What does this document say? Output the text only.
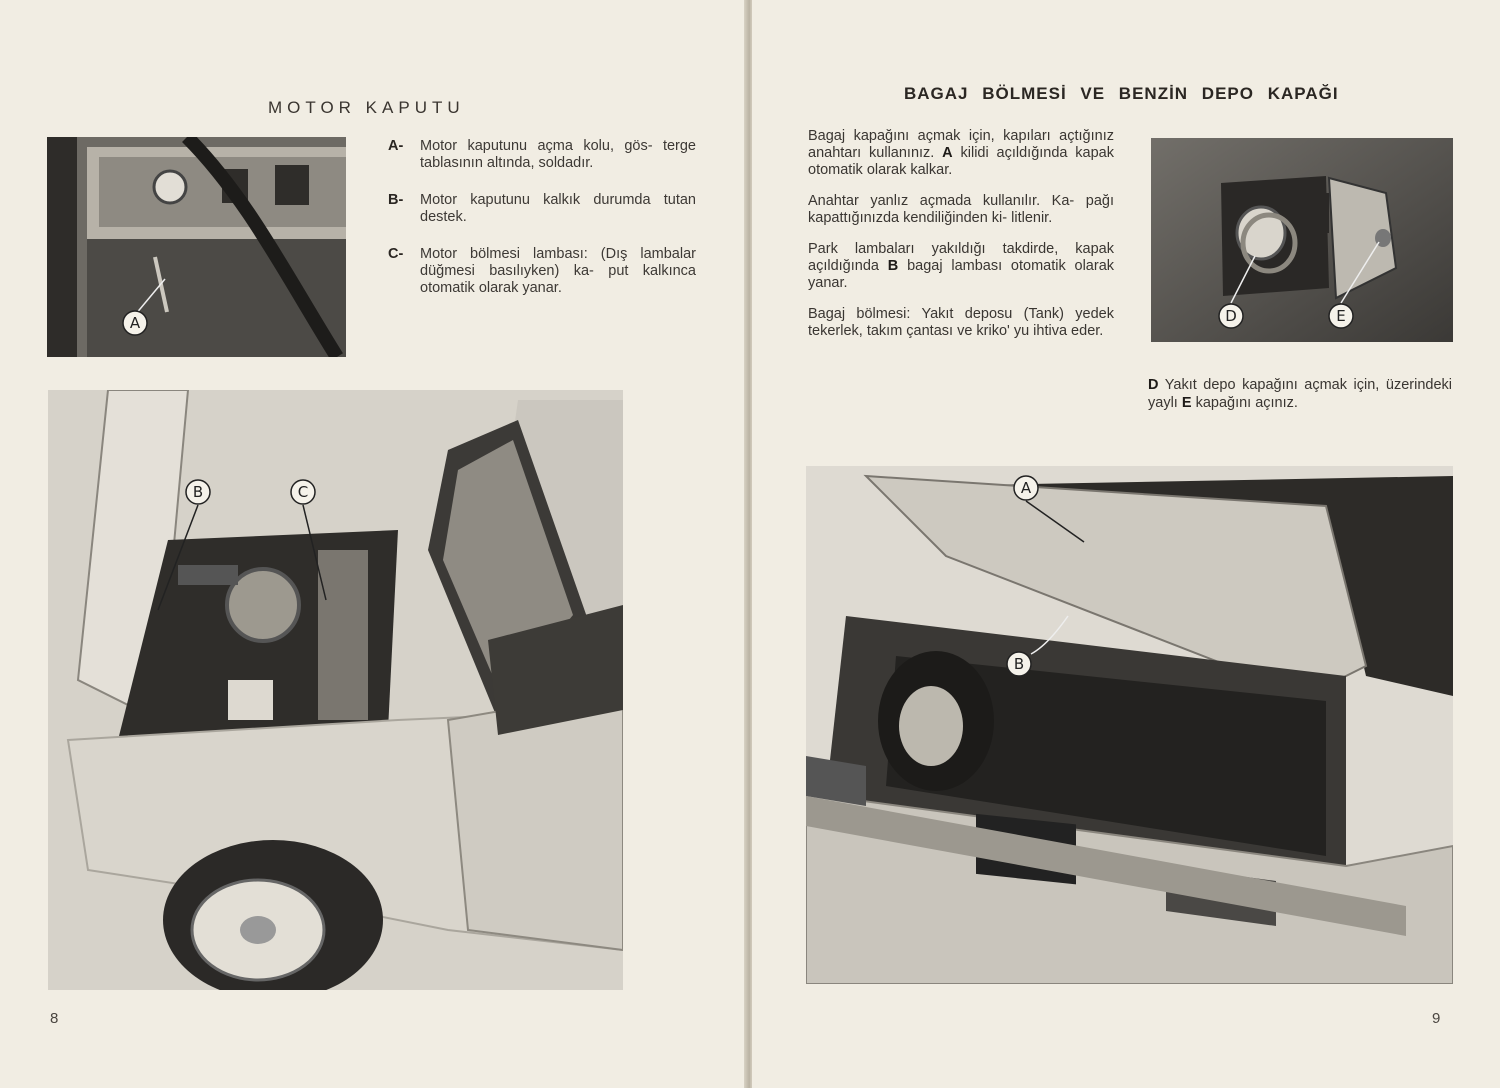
MOTOR KAPUTU
A
A-	Motor kaputunu açma kolu, gös- terge tablasının altında, soldadır.
B-	Motor kaputunu kalkık durumda tutan destek.
C-	Motor bölmesi lambası: (Dış lambalar düğmesi basılıyken) ka- put kalkınca otomatik olarak yanar.
B	C
8
BAGAJ BÖLMESİ VE BENZİN DEPO KAPAĞI

Bagaj kapağını açmak için, kapıları açtığınız anahtarı kullanınız. A kilidi açıldığında kapak otomatik olarak kalkar.

Anahtar yanlız açmada kullanılır. Ka- pağı kapattığınızda kendiliğinden ki- litlenir.

Park lambaları yakıldığı takdirde, kapak açıldığında B bagaj lambası otomatik olarak yanar.

Bagaj bölmesi: Yakıt deposu (Tank) yedek tekerlek, takım çantası ve kriko' yu ihtiva eder.

D	E
D Yakıt depo kapağını açmak için, üzerindeki yaylı E kapağını açınız.
A
B
9
